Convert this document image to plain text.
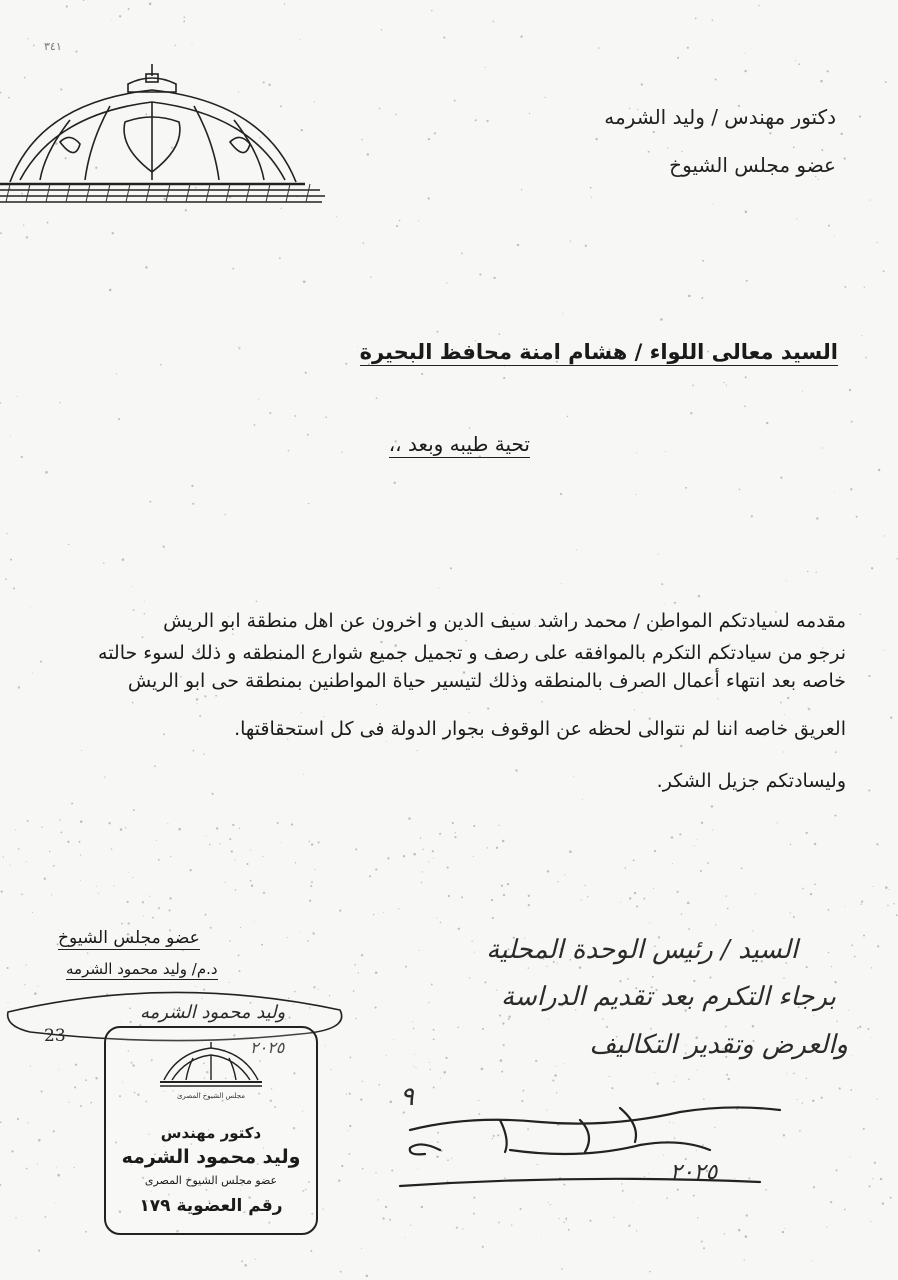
٣٤١
دكتور مهندس / وليد الشرمه
عضو مجلس الشيوخ
السيد معالى اللواء / هشام امنة محافظ البحيرة
تحية طيبه وبعد ،،
مقدمه لسيادتكم المواطن / محمد راشد سيف الدين و اخرون عن اهل منطقة ابو الريش
نرجو من سيادتكم التكرم بالموافقه على رصف و تجميل جميع شوارع المنطقه و ذلك لسوء حالته
خاصه بعد انتهاء أعمال الصرف بالمنطقه وذلك لتيسير حياة المواطنين بمنطقة حى ابو الريش
العريق خاصه اننا لم نتوالى لحظه عن الوقوف بجوار الدولة فى كل استحقاقتها.
وليسادتكم جزيل الشكر.
عضو مجلس الشيوخ
د.م/ وليد محمود الشرمه
وليد محمود الشرمه
23
٢٠٢٥
السيد / رئيس الوحدة المحلية
برجاء التكرم بعد تقديم الدراسة
والعرض وتقدير التكاليف
٩
٢٠٢٥
مجلس الشيوخ المصرى
دكتور مهندس
وليد محمود الشرمه
عضو مجلس الشيوخ المصرى
رقم العضوية ١٧٩
